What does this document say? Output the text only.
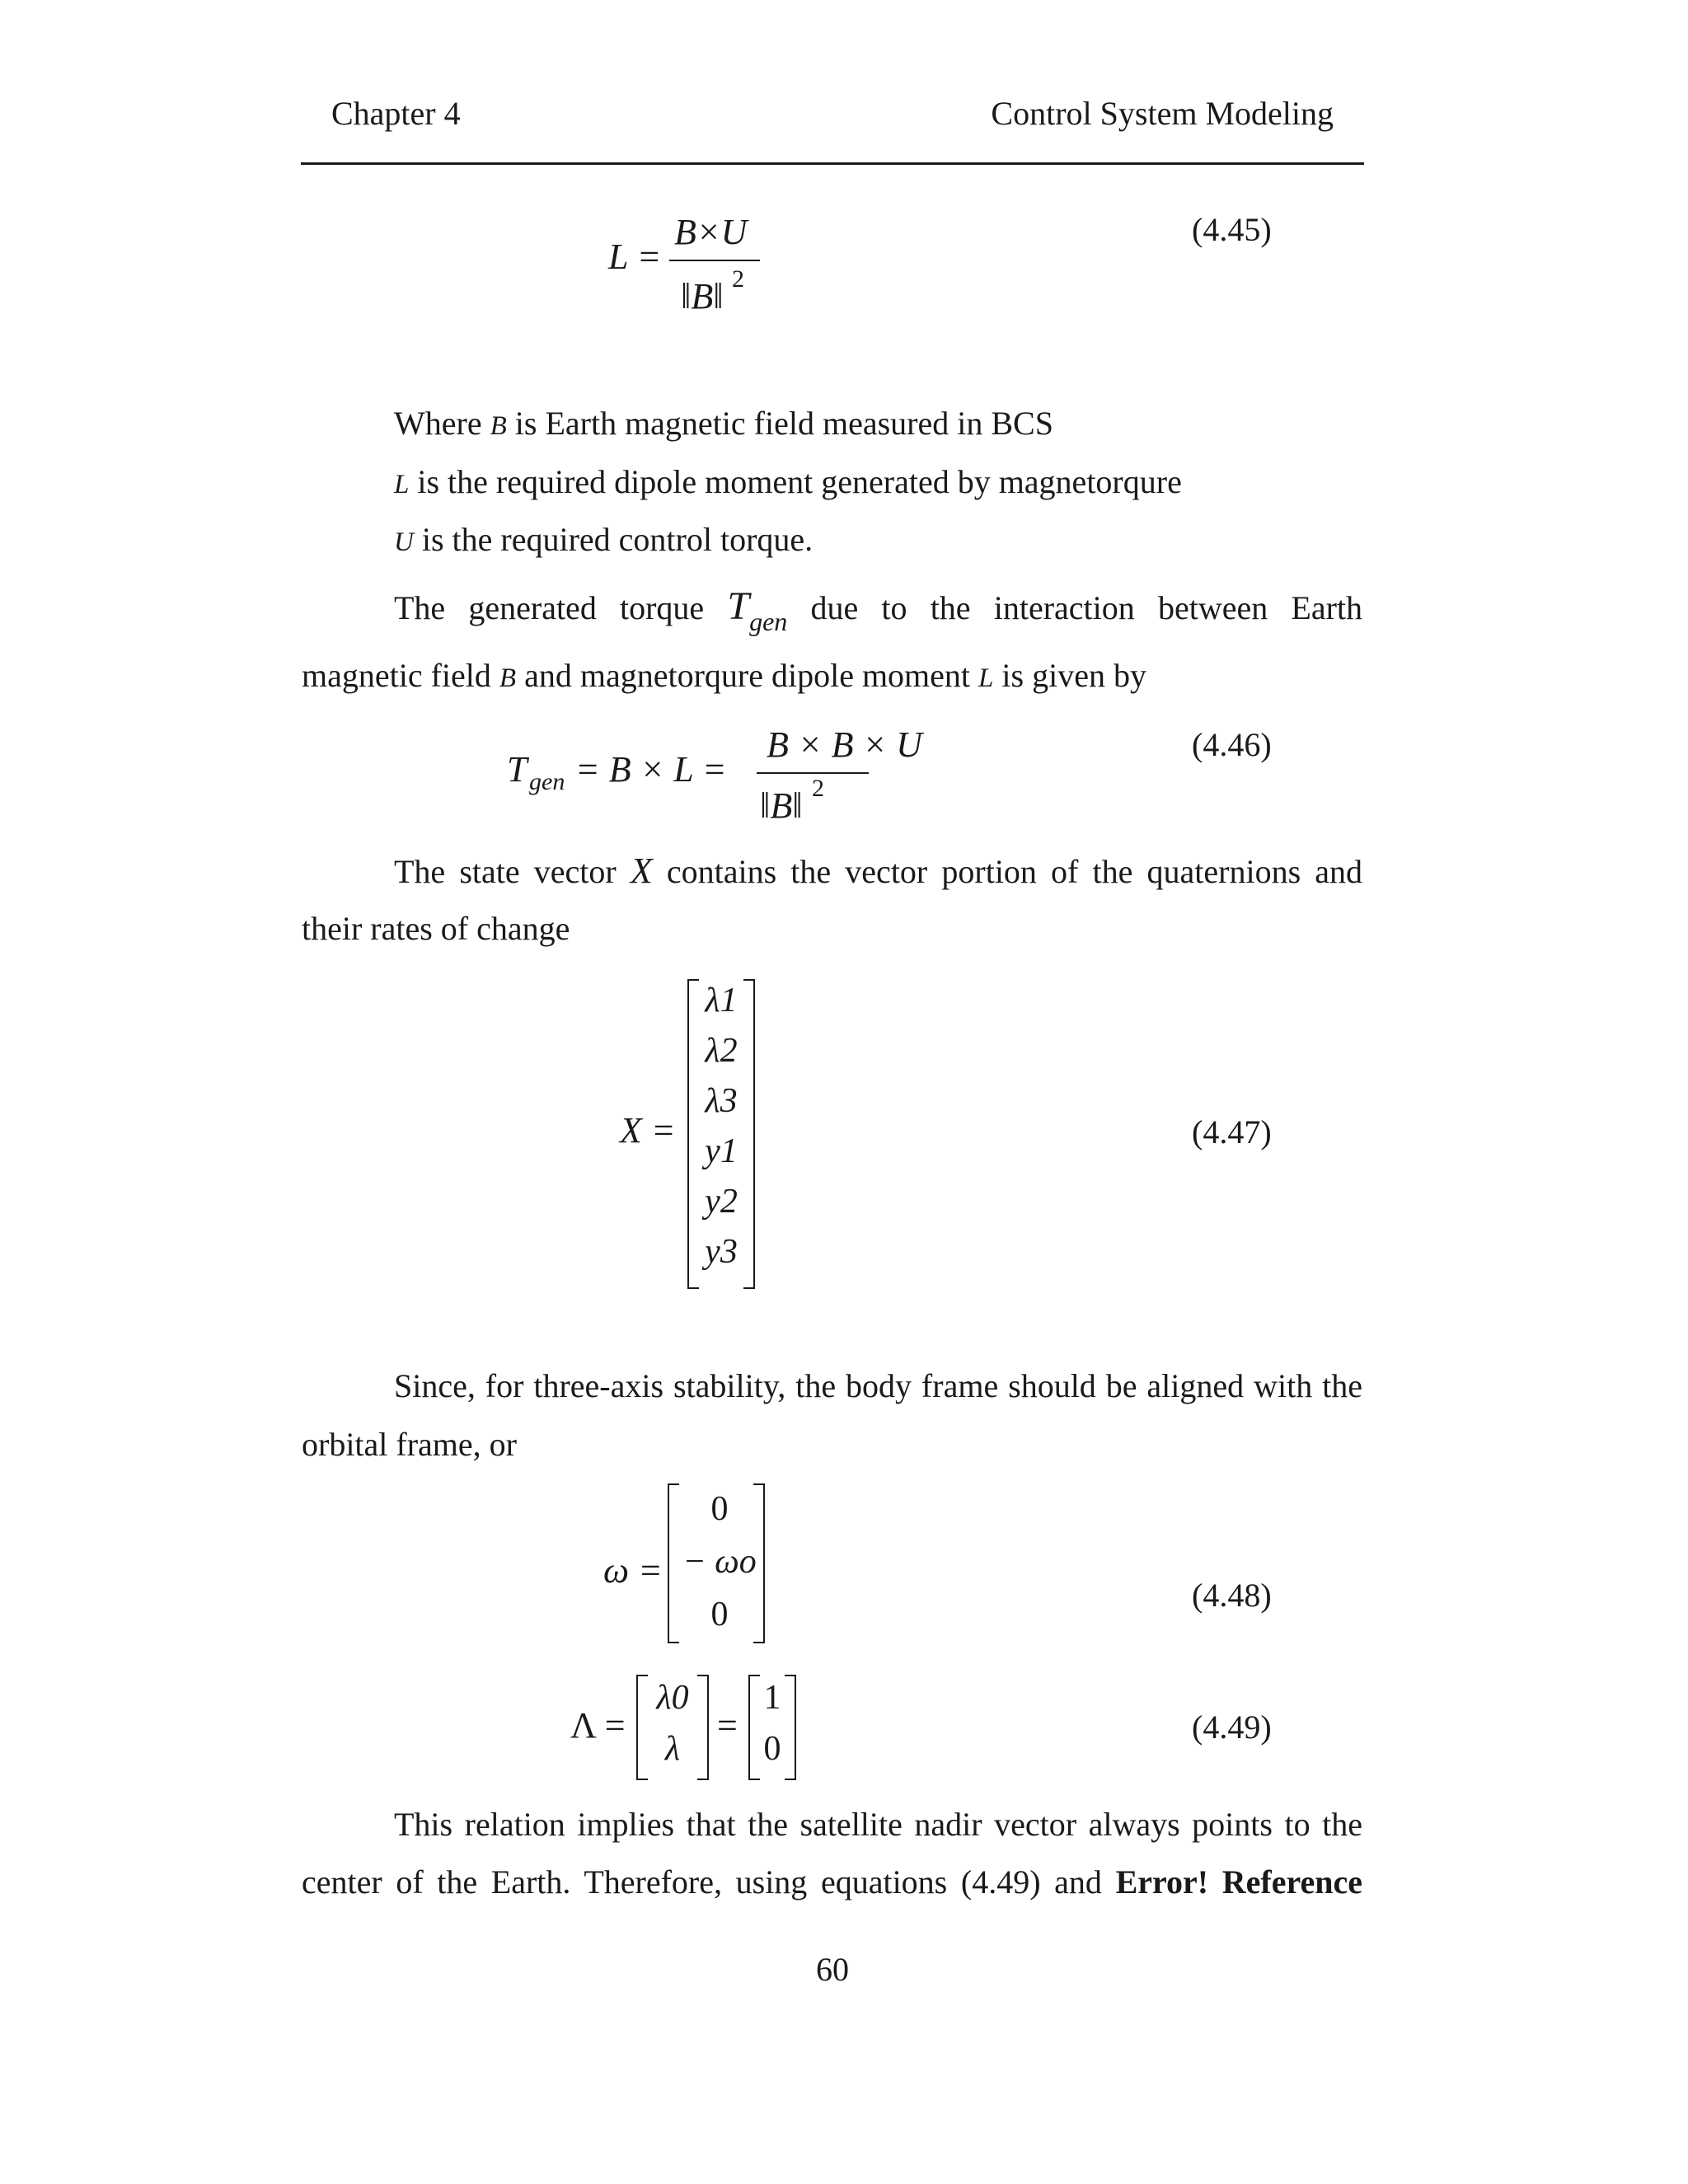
Chapter 4	Control System Modeling
L =
B×U
‖B‖ 2
(4.45)
Where B is Earth magnetic field measured in BCS
L is the required dipole moment generated by magnetorqure
U is the required control torque.
The generated torque $T_{gen}$ due to the interaction between Earth
magnetic field B and magnetorqure dipole moment L is given by
T gen = B × L =
B × B × U
‖B‖ 2
(4.46)
The state vector X contains the vector portion of the quaternions and
their rates of change
X =
λ1
λ2
λ3
y1
y2
y3
(4.47)
Since, for three-axis stability, the body frame should be aligned with the
orbital frame, or
ω =
0
− ωo
0
(4.48)
Λ =
λ0
λ
=
1
0
(4.49)
This relation implies that the satellite nadir vector always points to the
center of the Earth. Therefore, using equations (4.49) and Error! Reference
60
